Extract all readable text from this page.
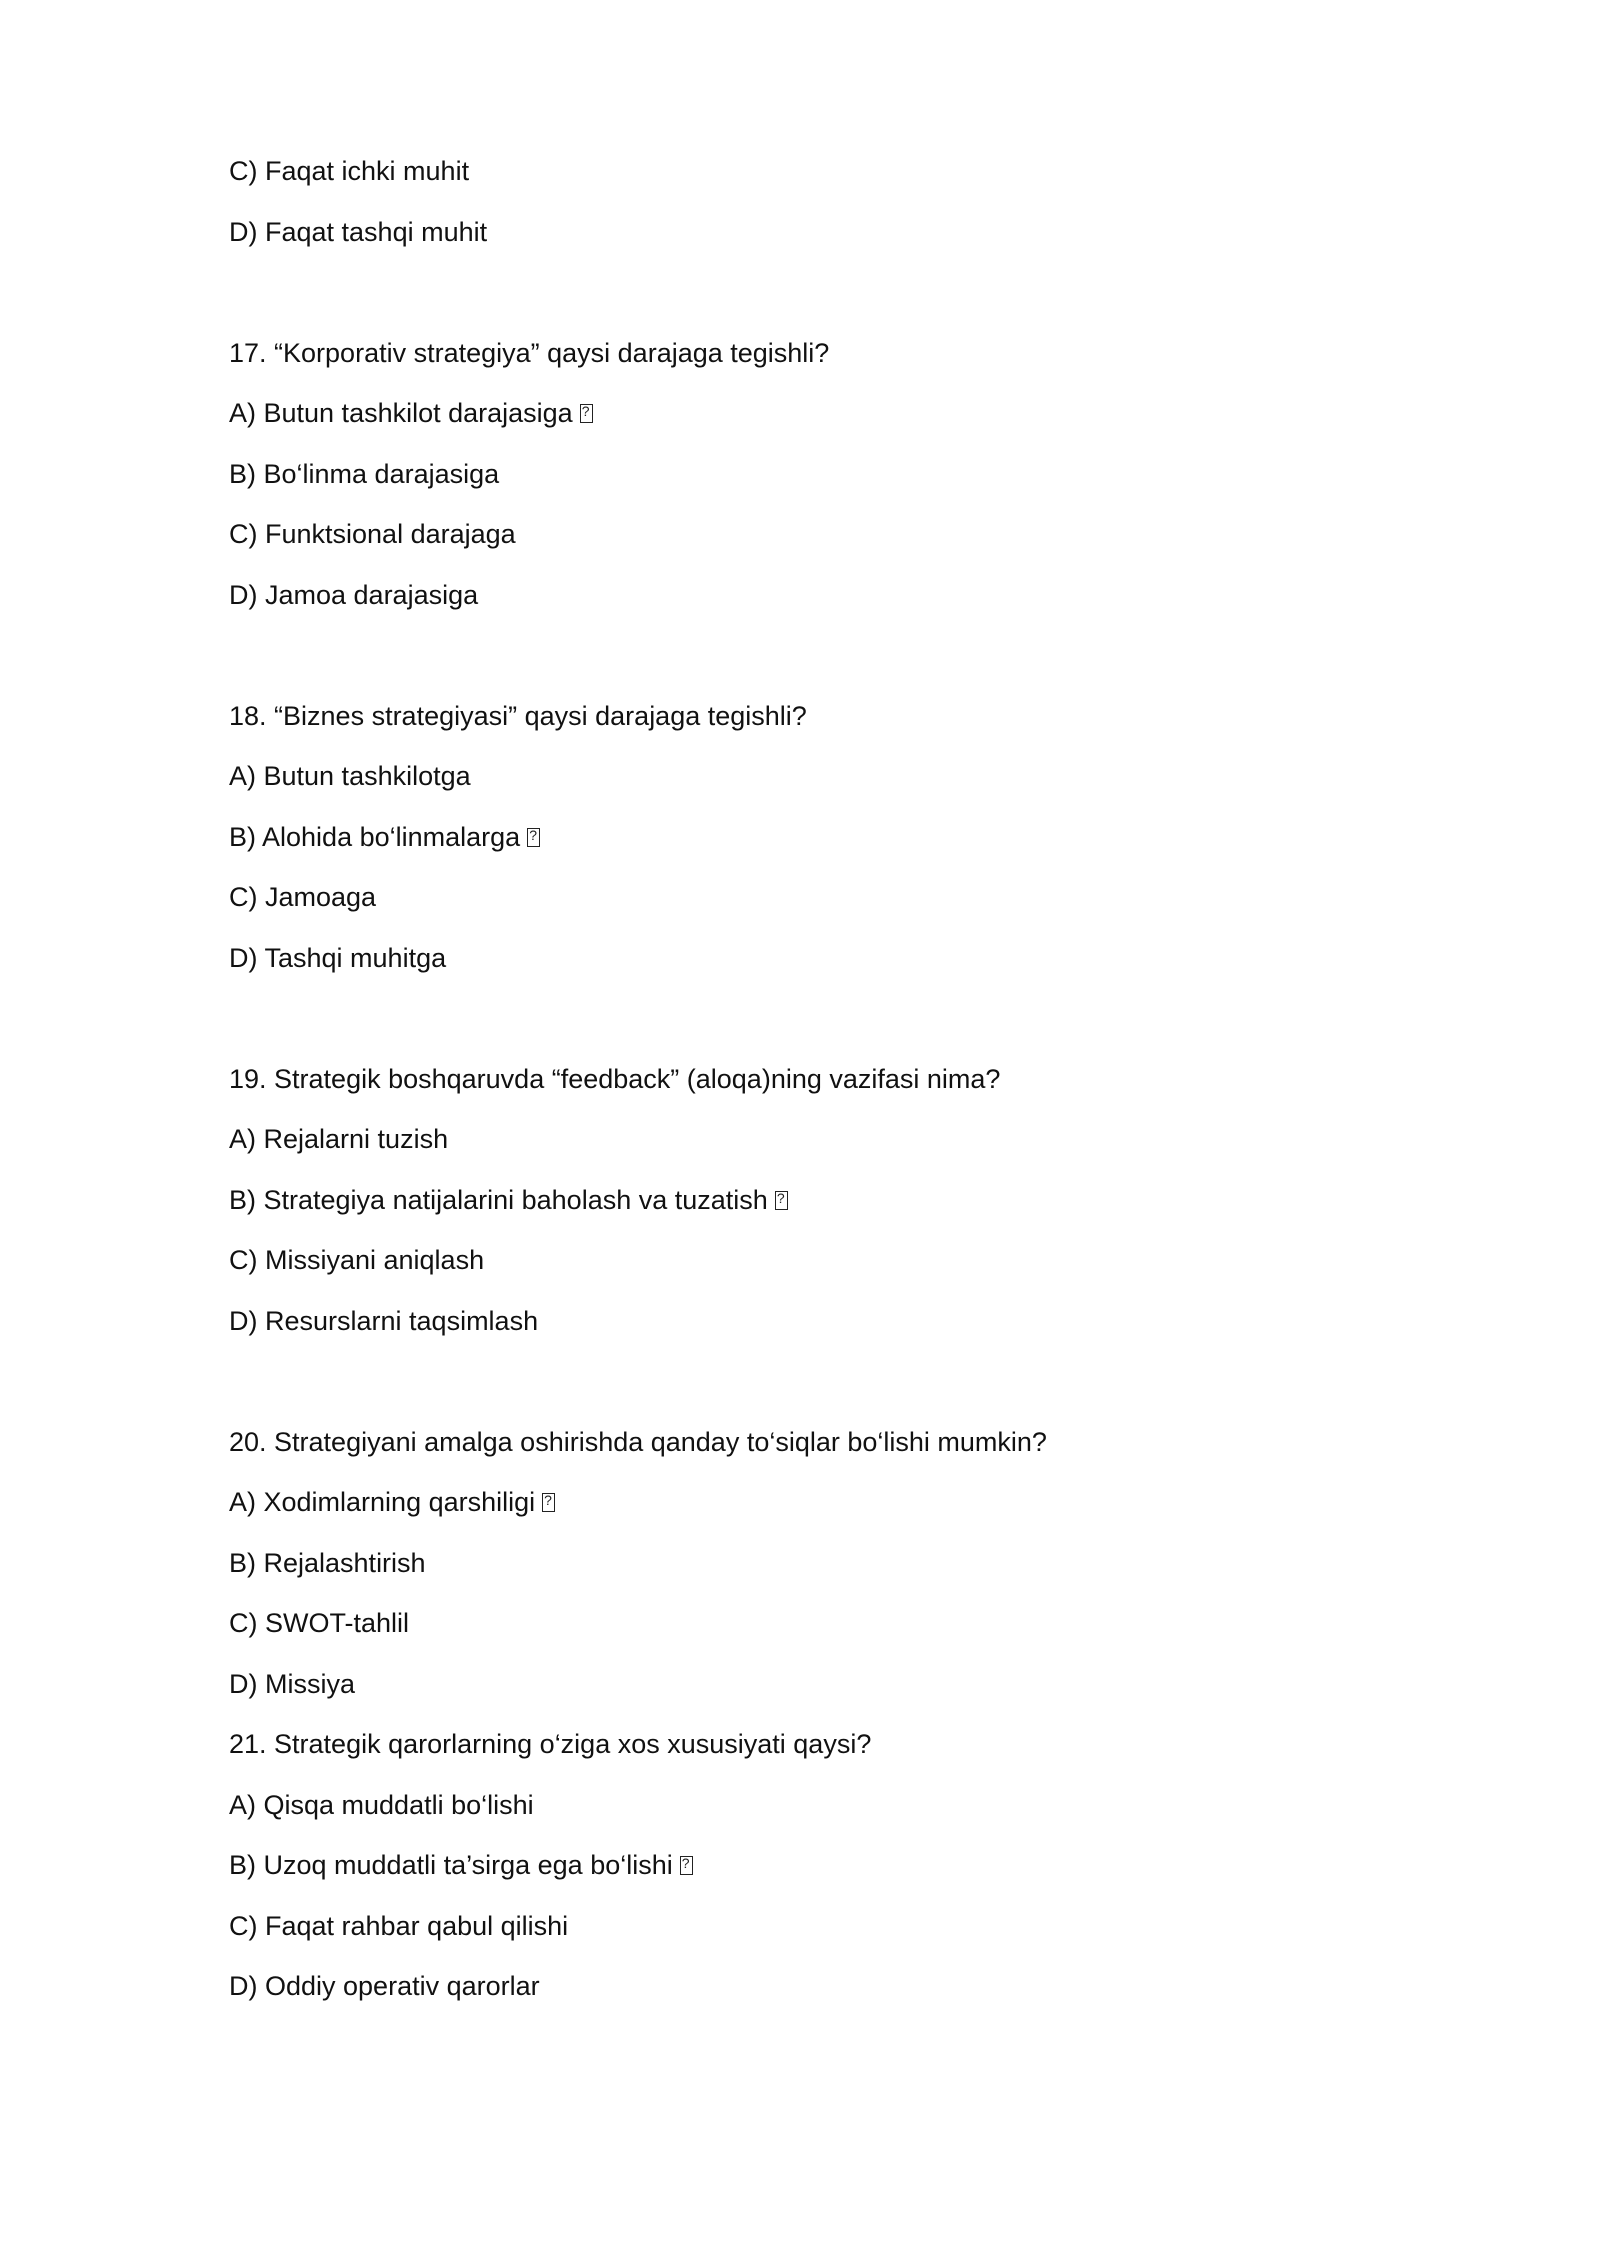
C) Faqat ichki muhit
D) Faqat tashqi muhit
17. “Korporativ strategiya” qaysi darajaga tegishli?
A) Butun tashkilot darajasiga?
B) Bo‘linma darajasiga
C) Funktsional darajaga
D) Jamoa darajasiga
18. “Biznes strategiyasi” qaysi darajaga tegishli?
A) Butun tashkilotga
B) Alohida bo‘linmalarga?
C) Jamoaga
D) Tashqi muhitga
19. Strategik boshqaruvda “feedback” (aloqa)ning vazifasi nima?
A) Rejalarni tuzish
B) Strategiya natijalarini baholash va tuzatish?
C) Missiyani aniqlash
D) Resurslarni taqsimlash
20. Strategiyani amalga oshirishda qanday to‘siqlar bo‘lishi mumkin?
A) Xodimlarning qarshiligi?
B) Rejalashtirish
C) SWOT-tahlil
D) Missiya
21. Strategik qarorlarning o‘ziga xos xususiyati qaysi?
A) Qisqa muddatli bo‘lishi
B) Uzoq muddatli ta’sirga ega bo‘lishi?
C) Faqat rahbar qabul qilishi
D) Oddiy operativ qarorlar
